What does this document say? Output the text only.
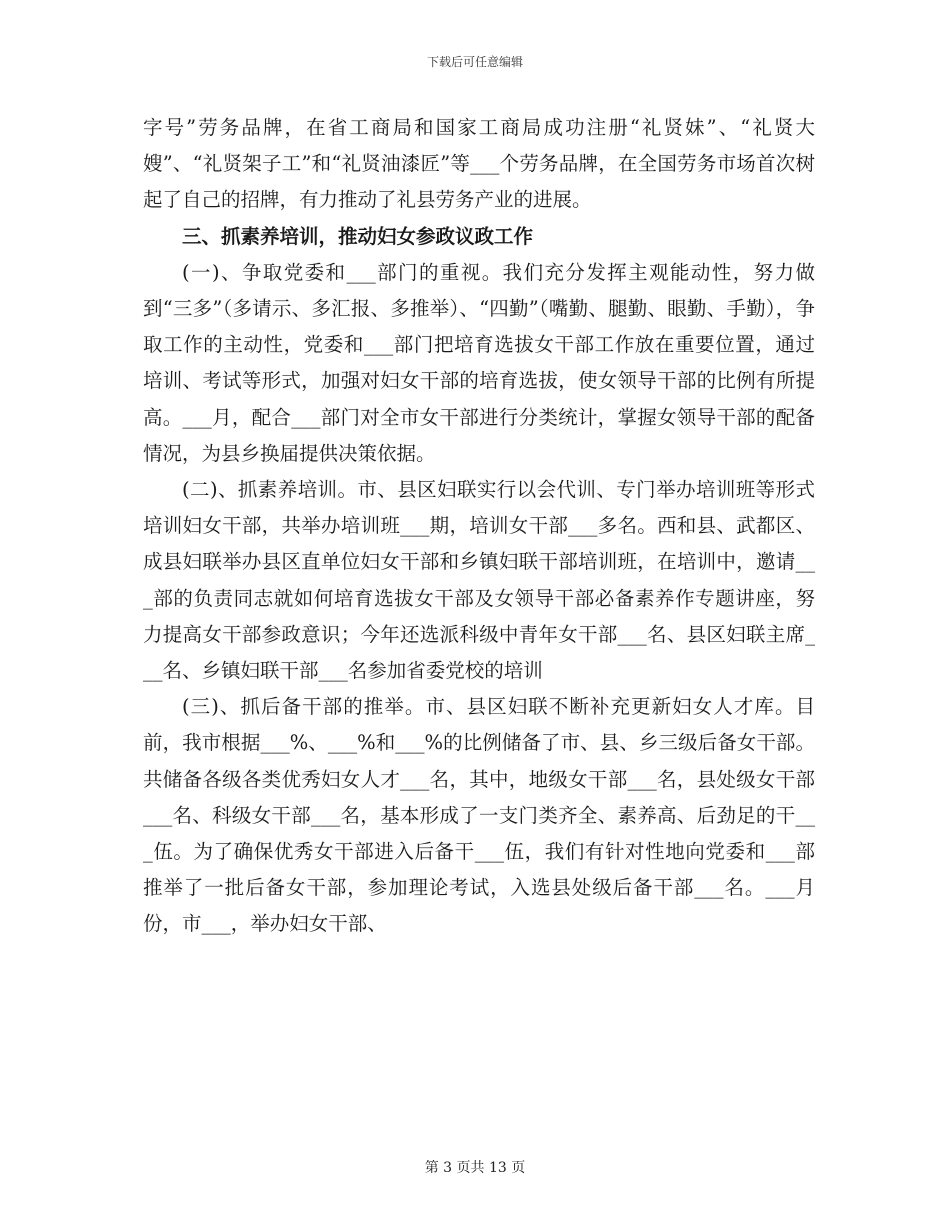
下载后可任意编辑

字号”劳务品牌，在省工商局和国家工商局成功注册“礼贤妹”、“礼贤大嫂”、“礼贤架子工”和“礼贤油漆匠”等___个劳务品牌，在全国劳务市场首次树起了自己的招牌，有力推动了礼县劳务产业的进展。

三、抓素养培训，推动妇女参政议政工作

(一)、争取党委和___部门的重视。我们充分发挥主观能动性，努力做到“三多”（多请示、多汇报、多推举）、“四勤”（嘴勤、腿勤、眼勤、手勤），争取工作的主动性，党委和___部门把培育选拔女干部工作放在重要位置，通过培训、考试等形式，加强对妇女干部的培育选拔，使女领导干部的比例有所提高。___月，配合___部门对全市女干部进行分类统计，掌握女领导干部的配备情况，为县乡换届提供决策依据。

(二)、抓素养培训。市、县区妇联实行以会代训、专门举办培训班等形式培训妇女干部，共举办培训班___期，培训女干部___多名。西和县、武都区、成县妇联举办县区直单位妇女干部和乡镇妇联干部培训班，在培训中，邀请___部的负责同志就如何培育选拔女干部及女领导干部必备素养作专题讲座，努力提高女干部参政意识；今年还选派科级中青年女干部___名、县区妇联主席___名、乡镇妇联干部___名参加省委党校的培训

(三)、抓后备干部的推举。市、县区妇联不断补充更新妇女人才库。目前，我市根据___%、___%和___%的比例储备了市、县、乡三级后备女干部。共储备各级各类优秀妇女人才___名，其中，地级女干部___名，县处级女干部___名、科级女干部___名，基本形成了一支门类齐全、素养高、后劲足的干___伍。为了确保优秀女干部进入后备干___伍，我们有针对性地向党委和___部推举了一批后备女干部，参加理论考试，入选县处级后备干部___名。___月份，市___，举办妇女干部、

第 3 页共 13 页
